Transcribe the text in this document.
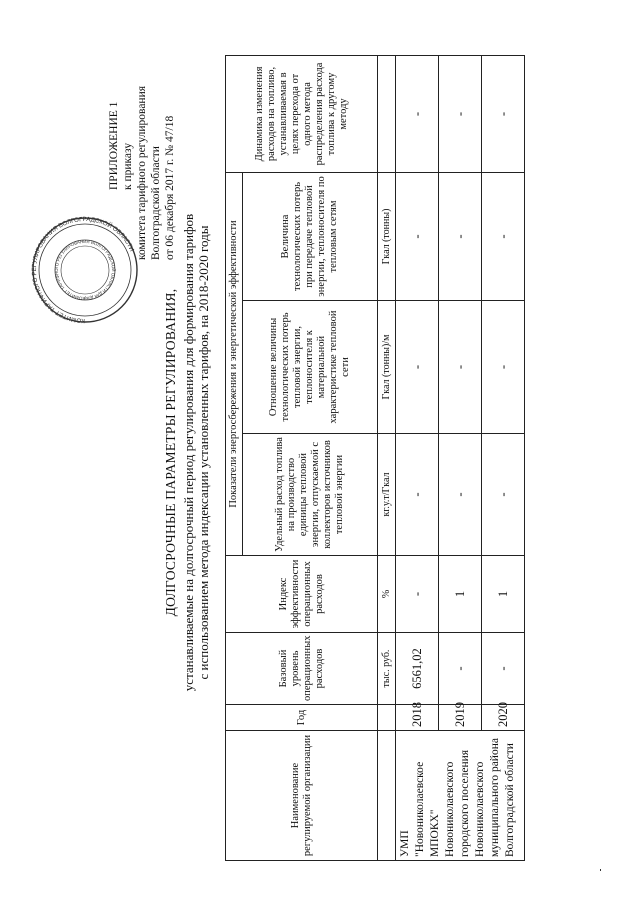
КОМИТЕТ ТАРИФНОГО РЕГУЛИРОВАНИЯ ВОЛГОГРАДСКОЙ ОБЛАСТИ
КОМИТЕТ ТАРИФНОГО РЕГУЛИРОВАНИЯ ВОЛГОГРАДСКОЙ ОБЛАСТИ Для доку
ПРИЛОЖЕНИЕ 1 к приказу комитета тарифного регулирования Волгоградской области от 06 декабря 2017 г. № 47/18
ДОЛГОСРОЧНЫЕ ПАРАМЕТРЫ РЕГУЛИРОВАНИЯ, устанавливаемые на долгосрочный период регулирования для формирования тарифов с использованием метода индексации установленных тарифов, на 2018-2020 годы
Наименование регулируемой организации	Год	Базовый уровень операционных расходов	Индекс эффективности операционных расходов	Показатели энергосбережения и энергетической эффективности			Динамика изменения расходов на топливо, устанавливаемая в целях перехода от одного метода распределения расхода топлива к другому методу
				Удельный расход топлива на производство единицы тепловой энергии, отпускаемой с коллекторов источников тепловой энергии	Отношение величины технологических потерь тепловой энергии, теплоносителя к материальной характеристике тепловой сети	Величина технологических потерь при передаче тепловой энергии, теплоносителя по тепловым сетям	
		тыс. руб.	%	кг.у.т/Гкал	Гкал (тонны)/м	Гкал (тонны)	
УМП "Новониколаевское МПОКХ" Новониколаевского городского поселения Новониколаевского муниципального района Волгоградской области	2018	6561,02	-	-	-	-	-
	2019	-	1	-	-	-	-
	2020	-	1	-	-	-	-
